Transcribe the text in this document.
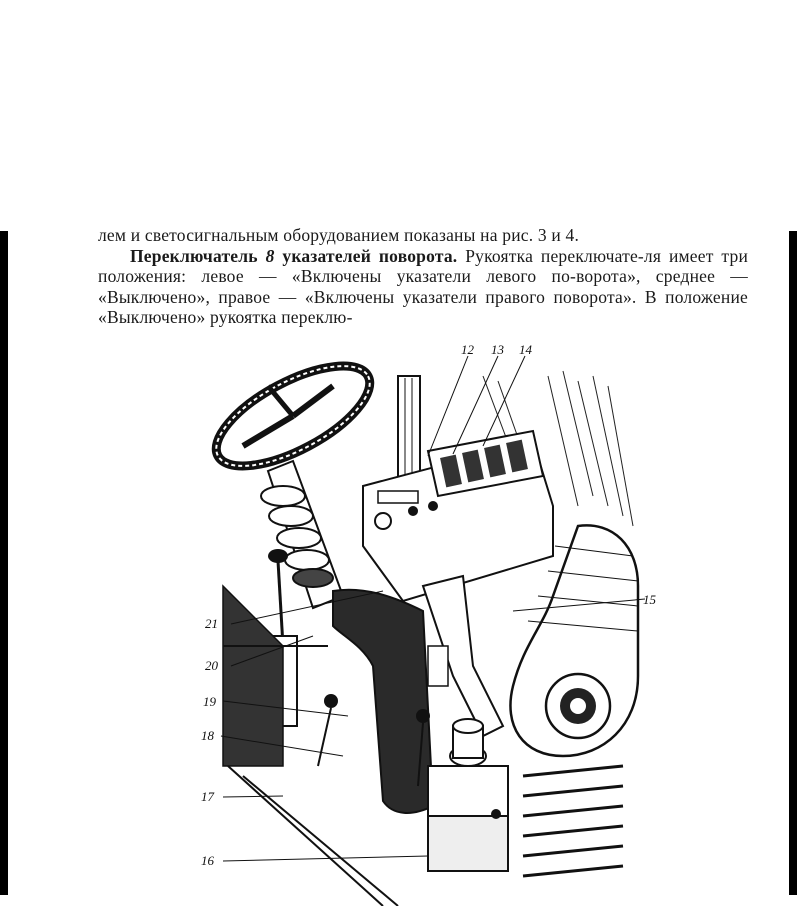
лем и светосигнальным оборудованием показаны на рис. 3 и 4.

Переключатель 8 указателей поворота. Рукоятка переключате-ля имеет три положения: левое — «Включены указатели левого по-ворота», среднее — «Выключено», правое — «Включены указатели правого поворота». В положение «Выключено» рукоятка переклю-

12 13 14
15
21
20
19
18
17
16
